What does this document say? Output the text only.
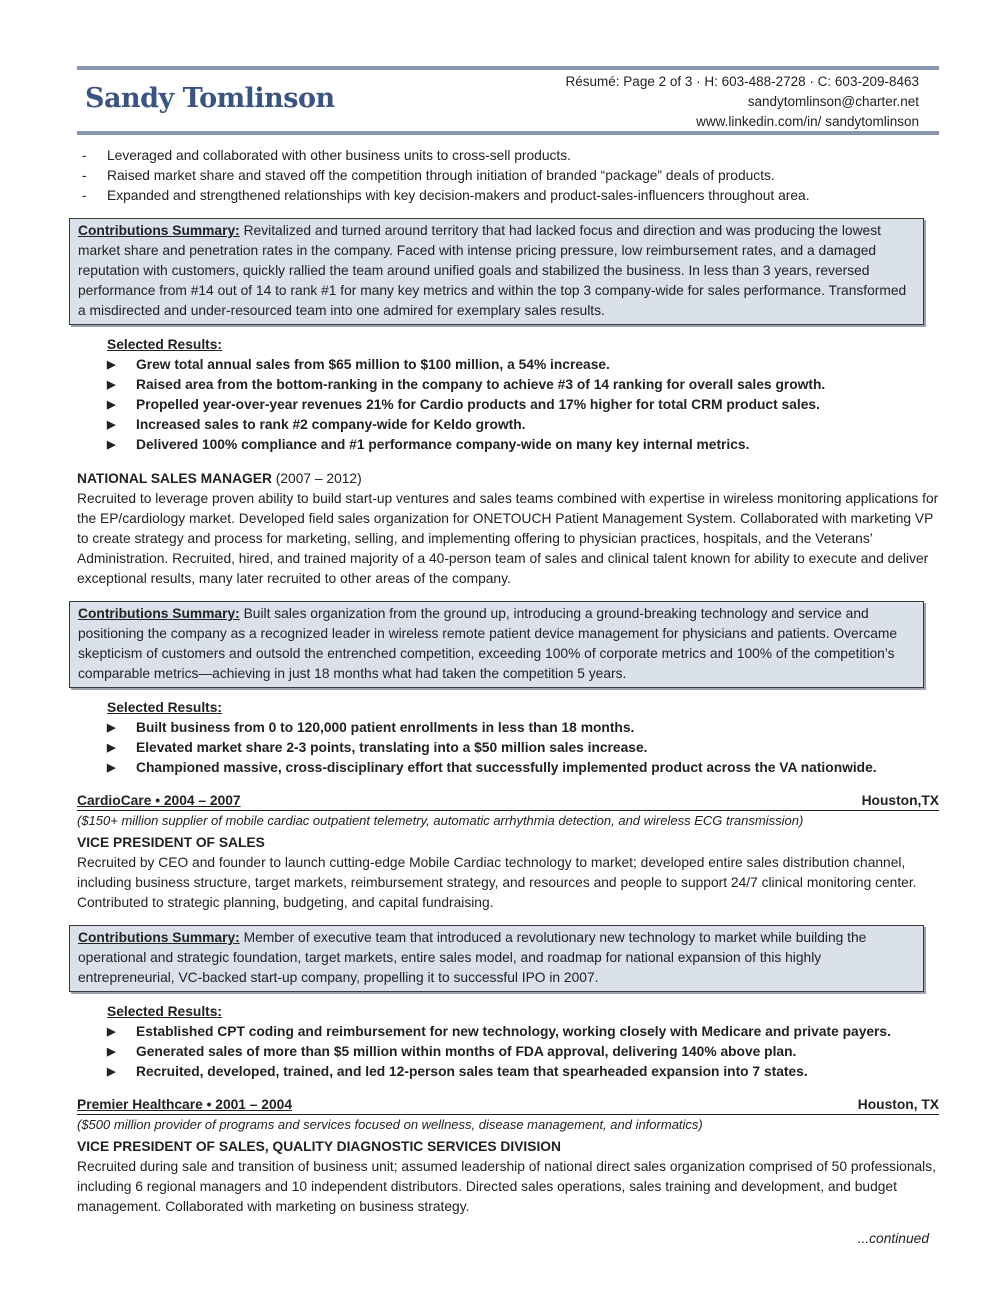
Sandy Tomlinson
Résumé: Page 2 of 3 · H: 603-488-2728 · C: 603-209-8463
sandytomlinson@charter.net
www.linkedin.com/in/ sandytomlinson
- Leveraged and collaborated with other business units to cross-sell products.
- Raised market share and staved off the competition through initiation of branded “package” deals of products.
- Expanded and strengthened relationships with key decision-makers and product-sales-influencers throughout area.
Contributions Summary: Revitalized and turned around territory that had lacked focus and direction and was producing the lowest market share and penetration rates in the company. Faced with intense pricing pressure, low reimbursement rates, and a damaged reputation with customers, quickly rallied the team around unified goals and stabilized the business. In less than 3 years, reversed performance from #14 out of 14 to rank #1 for many key metrics and within the top 3 company-wide for sales performance. Transformed a misdirected and under-resourced team into one admired for exemplary sales results.
Selected Results:
▶ Grew total annual sales from $65 million to $100 million, a 54% increase.
▶ Raised area from the bottom-ranking in the company to achieve #3 of 14 ranking for overall sales growth.
▶ Propelled year-over-year revenues 21% for Cardio products and 17% higher for total CRM product sales.
▶ Increased sales to rank #2 company-wide for Keldo growth.
▶ Delivered 100% compliance and #1 performance company-wide on many key internal metrics.
NATIONAL SALES MANAGER (2007 – 2012)

Recruited to leverage proven ability to build start-up ventures and sales teams combined with expertise in wireless monitoring applications for the EP/cardiology market. Developed field sales organization for ONETOUCH Patient Management System. Collaborated with marketing VP to create strategy and process for marketing, selling, and implementing offering to physician practices, hospitals, and the Veterans’ Administration. Recruited, hired, and trained majority of a 40-person team of sales and clinical talent known for ability to execute and deliver exceptional results, many later recruited to other areas of the company.

Contributions Summary: Built sales organization from the ground up, introducing a ground-breaking technology and service and positioning the company as a recognized leader in wireless remote patient device management for physicians and patients. Overcame skepticism of customers and outsold the entrenched competition, exceeding 100% of corporate metrics and 100% of the competition’s comparable metrics—achieving in just 18 months what had taken the competition 5 years.
Selected Results:
▶ Built business from 0 to 120,000 patient enrollments in less than 18 months.
▶ Elevated market share 2-3 points, translating into a $50 million sales increase.
▶ Championed massive, cross-disciplinary effort that successfully implemented product across the VA nationwide.
CardioCare • 2004 – 2007	Houston,TX
($150+ million supplier of mobile cardiac outpatient telemetry, automatic arrhythmia detection, and wireless ECG transmission)
VICE PRESIDENT OF SALES

Recruited by CEO and founder to launch cutting-edge Mobile Cardiac technology to market; developed entire sales distribution channel, including business structure, target markets, reimbursement strategy, and resources and people to support 24/7 clinical monitoring center. Contributed to strategic planning, budgeting, and capital fundraising.

Contributions Summary: Member of executive team that introduced a revolutionary new technology to market while building the operational and strategic foundation, target markets, entire sales model, and roadmap for national expansion of this highly entrepreneurial, VC-backed start-up company, propelling it to successful IPO in 2007.
Selected Results:
▶ Established CPT coding and reimbursement for new technology, working closely with Medicare and private payers.
▶ Generated sales of more than $5 million within months of FDA approval, delivering 140% above plan.
▶ Recruited, developed, trained, and led 12-person sales team that spearheaded expansion into 7 states.
Premier Healthcare • 2001 – 2004	Houston, TX
($500 million provider of programs and services focused on wellness, disease management, and informatics)
VICE PRESIDENT OF SALES, QUALITY DIAGNOSTIC SERVICES DIVISION

Recruited during sale and transition of business unit; assumed leadership of national direct sales organization comprised of 50 professionals, including 6 regional managers and 10 independent distributors. Directed sales operations, sales training and development, and budget management. Collaborated with marketing on business strategy.

...continued
